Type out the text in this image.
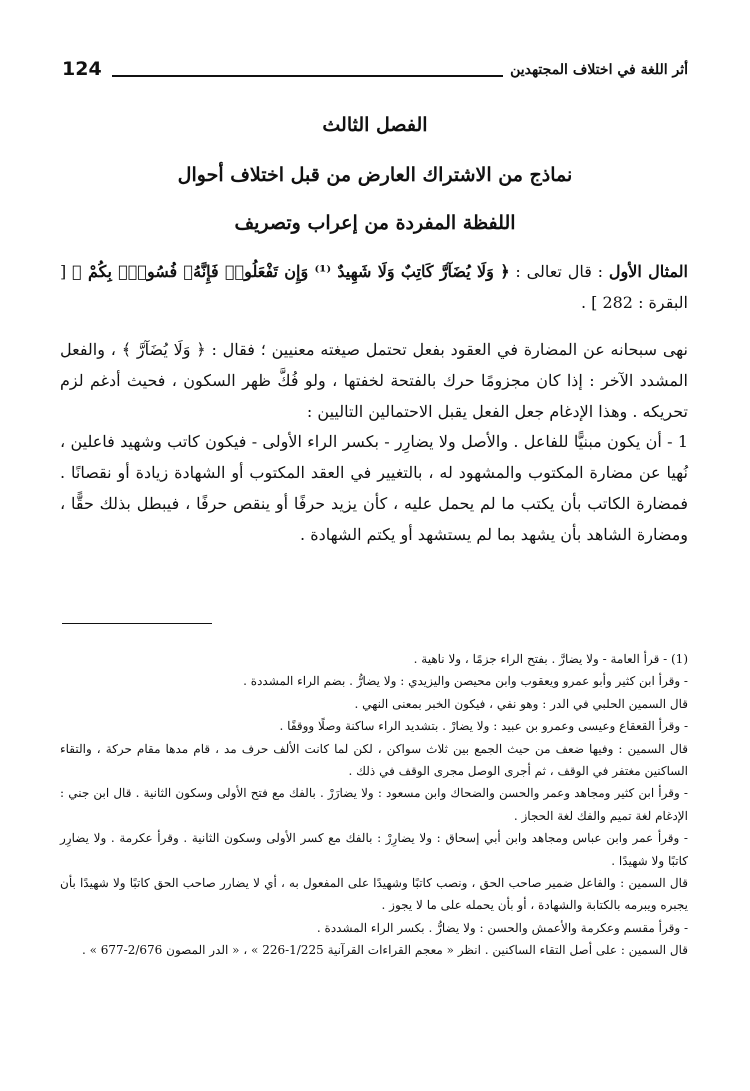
124	أثر اللغة في اختلاف المجتهدين
الفصل الثالث
نماذج من الاشتراك العارض من قبل اختلاف أحوال
اللفظة المفردة من إعراب وتصريف
المثال الأول : قال تعالى : ﴿ وَلَا يُضَآرَّ كَاتِبٌ وَلَا شَهِيدٌ ⁽¹⁾ وَإِن تَفْعَلُوا۟ فَإِنَّهُۥ فُسُوقٌۢ بِكُمْ ﴾ [ البقرة : 282 ] .
نهى سبحانه عن المضارة في العقود بفعل تحتمل صيغته معنيين ؛ فقال : ﴿ وَلَا يُضَآرَّ ﴾ ، والفعل المشدد الآخر : إذا كان مجزومًا حرك بالفتحة لخفتها ، ولو فُكَّ ظهر السكون ، فحيث أدغم لزم تحريكه . وهذا الإدغام جعل الفعل يقبل الاحتمالين التاليين :
1 - أن يكون مبنيًّا للفاعل . والأصل ولا يضارِر - بكسر الراء الأولى - فيكون كاتب وشهيد فاعلين ، نُهيا عن مضارة المكتوب والمشهود له ، بالتغيير في العقد المكتوب أو الشهادة زيادة أو نقصانًا . فمضارة الكاتب بأن يكتب ما لم يحمل عليه ، كأن يزيد حرفًا أو ينقص حرفًا ، فيبطل بذلك حقًّا ، ومضارة الشاهد بأن يشهد بما لم يستشهد أو يكتم الشهادة .

(1) - قرأ العامة - ولا يضارَّ . بفتح الراء جزمًا ، ولا ناهية .

- وقرأ ابن كثير وأبو عمرو ويعقوب وابن محيصن واليزيدي : ولا يضارُّ . بضم الراء المشددة .

قال السمين الحلبي في الدر : وهو نفي ، فيكون الخبر بمعنى النهي .

- وقرأ القعقاع وعيسى وعمرو بن عبيد : ولا يضارْ . بتشديد الراء ساكنة وصلًا ووقفًا .

قال السمين : وفيها ضعف من حيث الجمع بين ثلاث سواكن ، لكن لما كانت الألف حرف مد ، قام مدها مقام حركة ، والتقاء الساكنين مغتفر في الوقف ، ثم أجرى الوصل مجرى الوقف في ذلك .

- وقرأ ابن كثير ومجاهد وعمر والحسن والضحاك وابن مسعود : ولا يضارَرْ . بالفك مع فتح الأولى وسكون الثانية . قال ابن جني : الإدغام لغة تميم والفك لغة الحجاز .

- وقرأ عمر وابن عباس ومجاهد وابن أبي إسحاق : ولا يضارِرْ : بالفك مع كسر الأولى وسكون الثانية . وقرأ عكرمة . ولا يضارِر كاتبًا ولا شهيدًا .

قال السمين : والفاعل ضمير صاحب الحق ، ونصب كاتبًا وشهيدًا على المفعول به ، أي لا يضارر صاحب الحق كاتبًا ولا شهيدًا بأن يجبره ويبرمه بالكتابة والشهادة ، أو بأن يحمله على ما لا يجوز .

- وقرأ مقسم وعكرمة والأعمش والحسن : ولا يضارُّ . بكسر الراء المشددة .

قال السمين : على أصل التقاء الساكنين . انظر « معجم القراءات القرآنية 1/225-226 » ، « الدر المصون 2/676-677 » .
